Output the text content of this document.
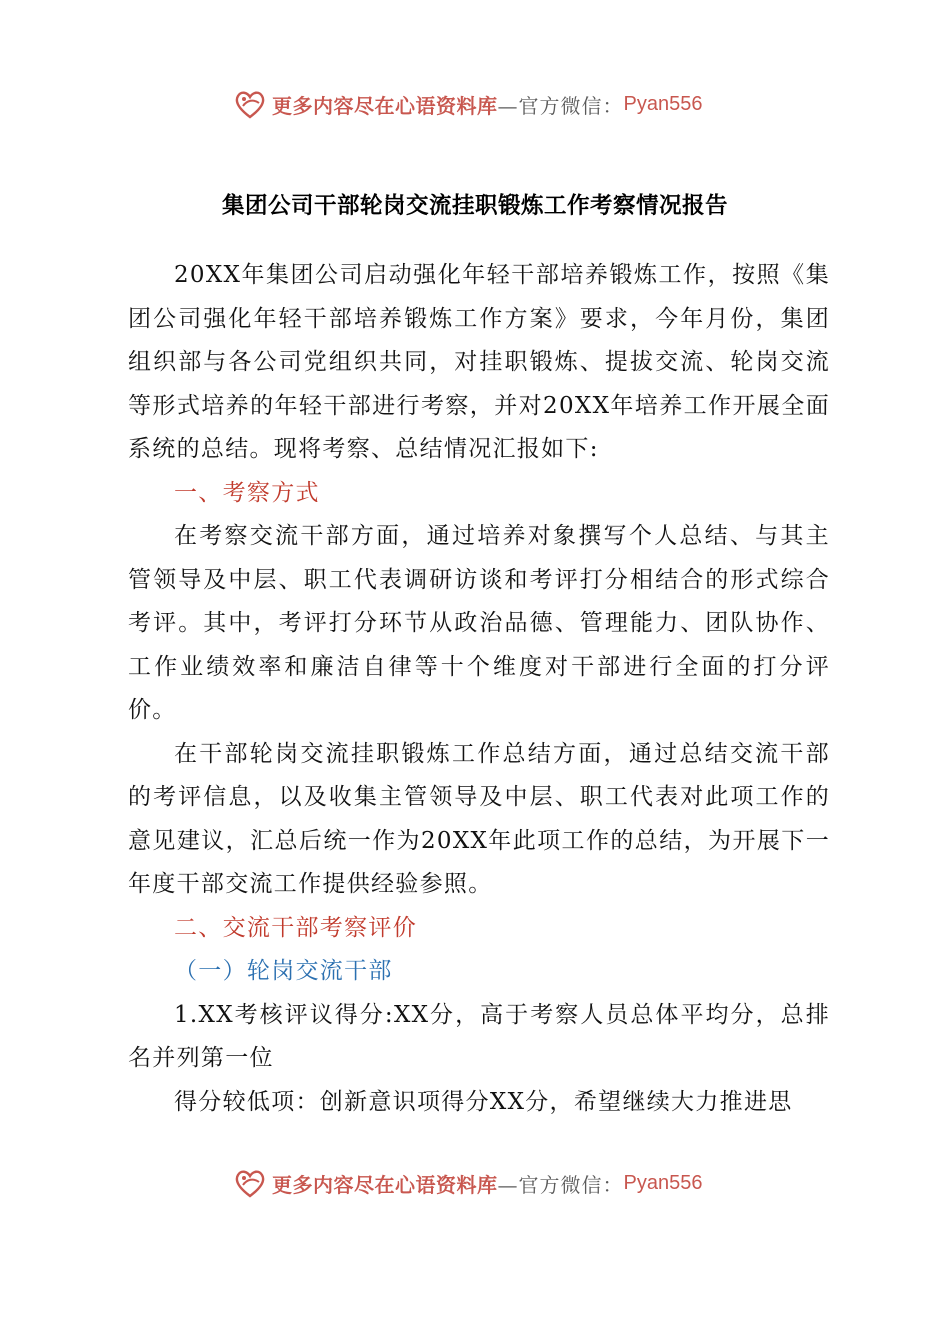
更多内容尽在心语资料库 —官方微信： Pyan556
集团公司干部轮岗交流挂职锻炼工作考察情况报告

20XX年集团公司启动强化年轻干部培养锻炼工作，按照《集团公司强化年轻干部培养锻炼工作方案》要求，今年月份，集团组织部与各公司党组织共同，对挂职锻炼、提拔交流、轮岗交流等形式培养的年轻干部进行考察，并对20XX年培养工作开展全面系统的总结。现将考察、总结情况汇报如下:

一、考察方式

在考察交流干部方面，通过培养对象撰写个人总结、与其主管领导及中层、职工代表调研访谈和考评打分相结合的形式综合考评。其中，考评打分环节从政治品德、管理能力、团队协作、工作业绩效率和廉洁自律等十个维度对干部进行全面的打分评价。

在干部轮岗交流挂职锻炼工作总结方面，通过总结交流干部的考评信息，以及收集主管领导及中层、职工代表对此项工作的意见建议，汇总后统一作为20XX年此项工作的总结，为开展下一年度干部交流工作提供经验参照。

二、交流干部考察评价

（一）轮岗交流干部

1.XX考核评议得分:XX分，高于考察人员总体平均分，总排名并列第一位

得分较低项：创新意识项得分XX分，希望继续大力推进思

更多内容尽在心语资料库 —官方微信： Pyan556
